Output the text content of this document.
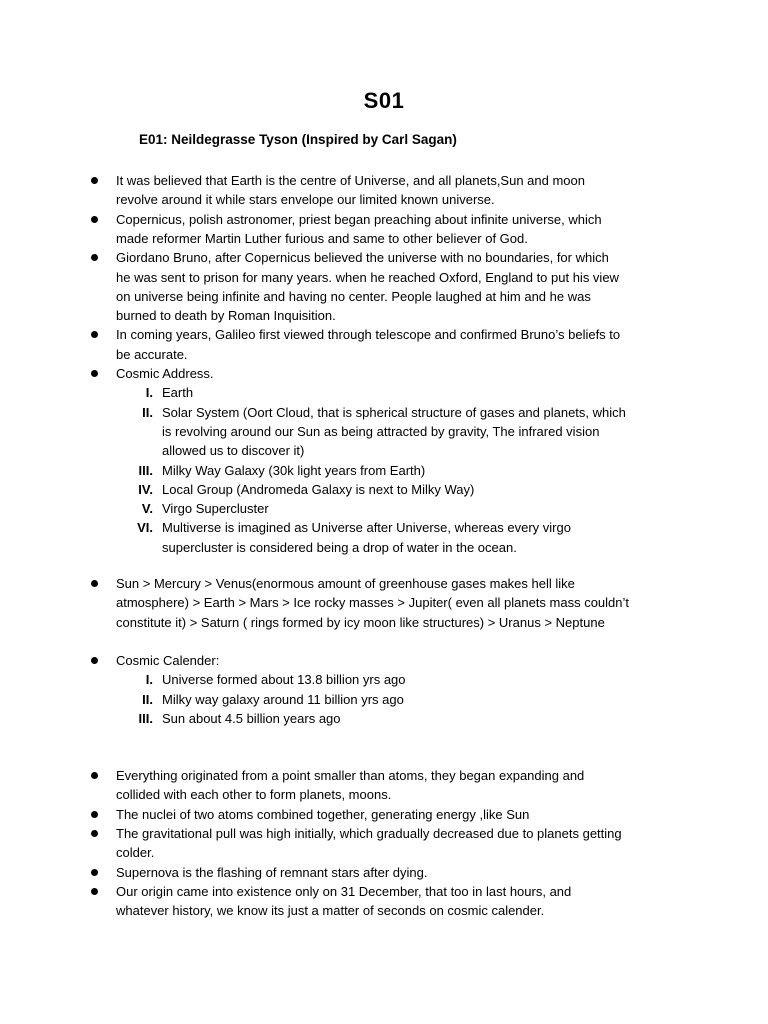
S01
E01: Neildegrasse Tyson (Inspired by Carl Sagan)
It was believed that Earth is the centre of Universe, and all planets,Sun and moon
revolve around it while stars envelope our limited known universe.
Copernicus, polish astronomer, priest began preaching about infinite universe, which
made reformer Martin Luther furious and same to other believer of God.
Giordano Bruno, after Copernicus believed the universe with no boundaries, for which
he was sent to prison for many years. when he reached Oxford, England to put his view
on universe being infinite and having no center. People laughed at him and he was
burned to death by Roman Inquisition.
In coming years, Galileo first viewed through telescope and confirmed Bruno’s beliefs to
be accurate.
Cosmic Address.
I. Earth
II. Solar System (Oort Cloud, that is spherical structure of gases and planets, which
is revolving around our Sun as being attracted by gravity, The infrared vision
allowed us to discover it)
III. Milky Way Galaxy (30k light years from Earth)
IV. Local Group (Andromeda Galaxy is next to Milky Way)
V. Virgo Supercluster
VI. Multiverse is imagined as Universe after Universe, whereas every virgo
supercluster is considered being a drop of water in the ocean.
Sun > Mercury > Venus(enormous amount of greenhouse gases makes hell like
atmosphere) > Earth > Mars > Ice rocky masses > Jupiter( even all planets mass couldn’t
constitute it) > Saturn ( rings formed by icy moon like structures) > Uranus > Neptune
Cosmic Calender:
I. Universe formed about 13.8 billion yrs ago
II. Milky way galaxy around 11 billion yrs ago
III. Sun about 4.5 billion years ago
Everything originated from a point smaller than atoms, they began expanding and
collided with each other to form planets, moons.
The nuclei of two atoms combined together, generating energy ,like Sun
The gravitational pull was high initially, which gradually decreased due to planets getting
colder.
Supernova is the flashing of remnant stars after dying.
Our origin came into existence only on 31 December, that too in last hours, and
whatever history, we know its just a matter of seconds on cosmic calender.
